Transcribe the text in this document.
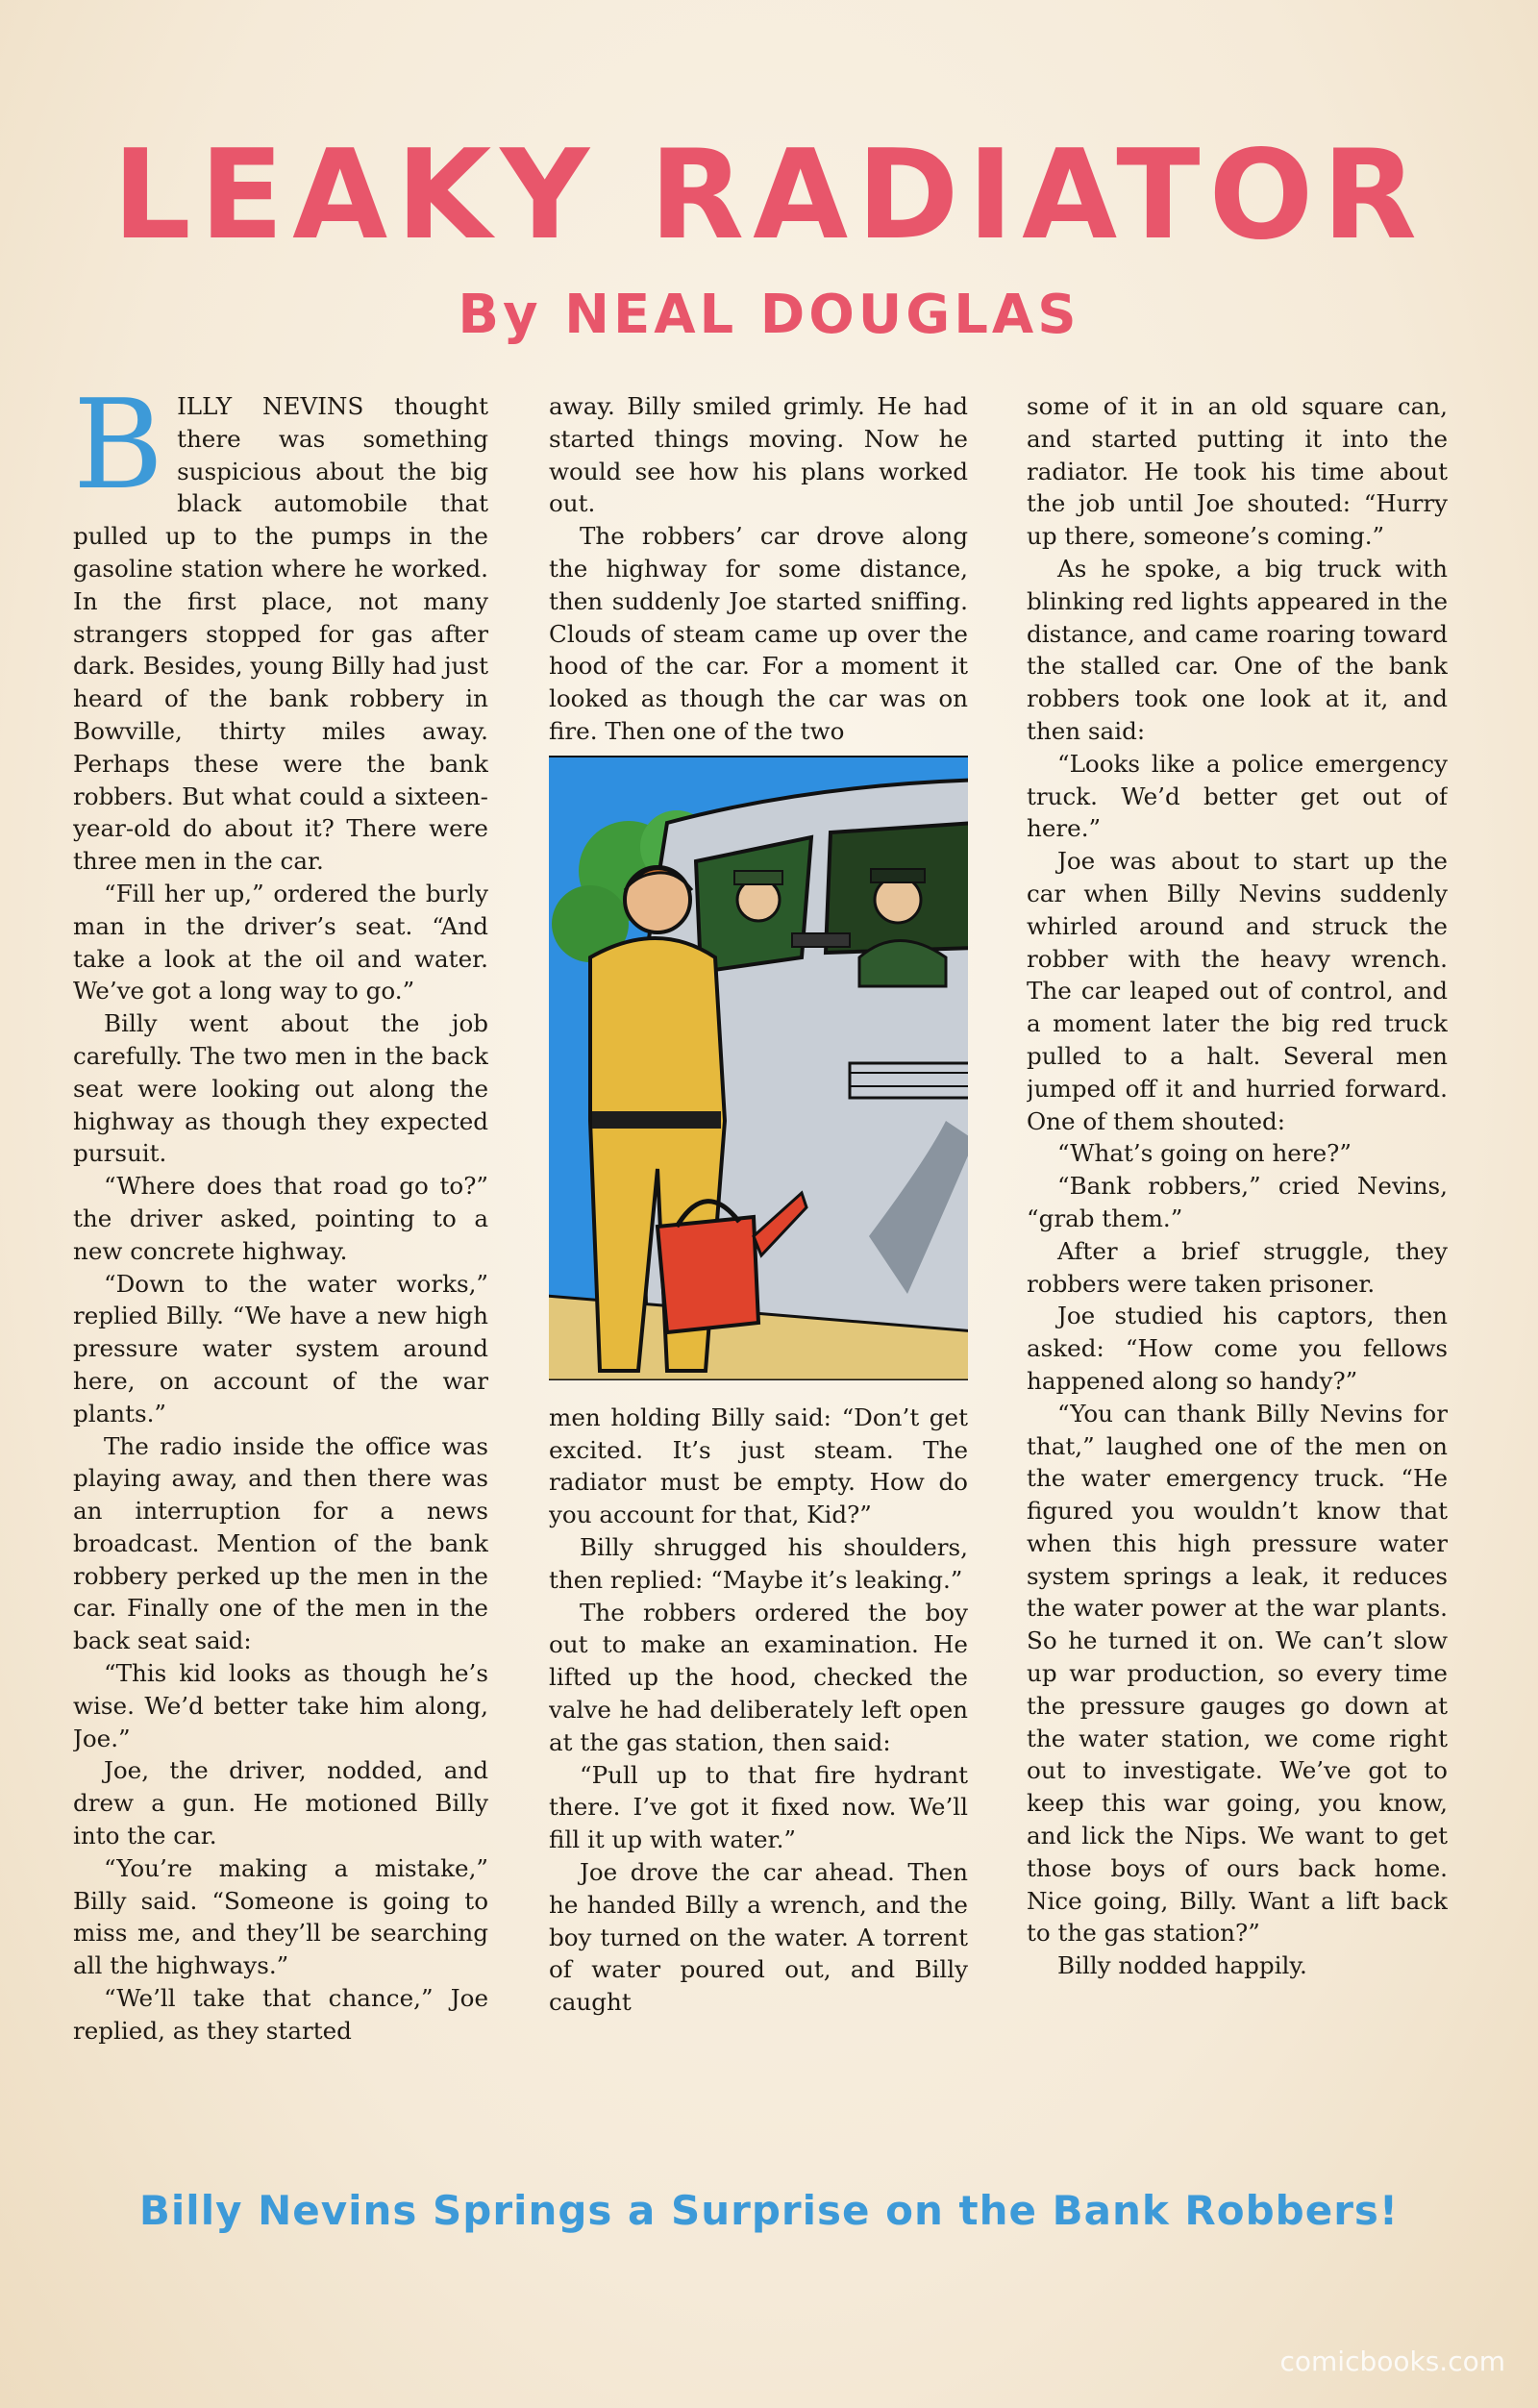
LEAKY RADIATOR
By NEAL DOUGLAS

BILLY NEVINS thought there was something suspicious about the big black automobile that pulled up to the pumps in the gasoline station where he worked. In the first place, not many strangers stopped for gas after dark. Besides, young Billy had just heard of the bank robbery in Bowville, thirty miles away. Perhaps these were the bank robbers. But what could a sixteen-year-old do about it? There were three men in the car.

“Fill her up,” ordered the burly man in the driver’s seat. “And take a look at the oil and water. We’ve got a long way to go.”

Billy went about the job carefully. The two men in the back seat were looking out along the highway as though they expected pursuit.

“Where does that road go to?” the driver asked, pointing to a new concrete highway.

“Down to the water works,” replied Billy. “We have a new high pressure water system around here, on account of the war plants.”

The radio inside the office was playing away, and then there was an interruption for a news broadcast. Mention of the bank robbery perked up the men in the car. Finally one of the men in the back seat said:

“This kid looks as though he’s wise. We’d better take him along, Joe.”

Joe, the driver, nodded, and drew a gun. He motioned Billy into the car.

“You’re making a mistake,” Billy said. “Someone is going to miss me, and they’ll be searching all the highways.”

“We’ll take that chance,” Joe replied, as they started

away. Billy smiled grimly. He had started things moving. Now he would see how his plans worked out.

The robbers’ car drove along the highway for some distance, then suddenly Joe started sniffing. Clouds of steam came up over the hood of the car. For a moment it looked as though the car was on fire. Then one of the two

men holding Billy said: “Don’t get excited. It’s just steam. The radiator must be empty. How do you account for that, Kid?”

Billy shrugged his shoulders, then replied: “Maybe it’s leaking.”

The robbers ordered the boy out to make an examination. He lifted up the hood, checked the valve he had deliberately left open at the gas station, then said:

“Pull up to that fire hydrant there. I’ve got it fixed now. We’ll fill it up with water.”

Joe drove the car ahead. Then he handed Billy a wrench, and the boy turned on the water. A torrent of water poured out, and Billy caught

some of it in an old square can, and started putting it into the radiator. He took his time about the job until Joe shouted: “Hurry up there, someone’s coming.”

As he spoke, a big truck with blinking red lights appeared in the distance, and came roaring toward the stalled car. One of the bank robbers took one look at it, and then said:

“Looks like a police emergency truck. We’d better get out of here.”

Joe was about to start up the car when Billy Nevins suddenly whirled around and struck the robber with the heavy wrench. The car leaped out of control, and a moment later the big red truck pulled to a halt. Several men jumped off it and hurried forward. One of them shouted:

“What’s going on here?”

“Bank robbers,” cried Nevins, “grab them.”

After a brief struggle, they robbers were taken prisoner.

Joe studied his captors, then asked: “How come you fellows happened along so handy?”

“You can thank Billy Nevins for that,” laughed one of the men on the water emergency truck. “He figured you wouldn’t know that when this high pressure water system springs a leak, it reduces the water power at the war plants. So he turned it on. We can’t slow up war production, so every time the pressure gauges go down at the water station, we come right out to investigate. We’ve got to keep this war going, you know, and lick the Nips. We want to get those boys of ours back home. Nice going, Billy. Want a lift back to the gas station?”

Billy nodded happily.

Billy Nevins Springs a Surprise on the Bank Robbers!
comicbooks.com
